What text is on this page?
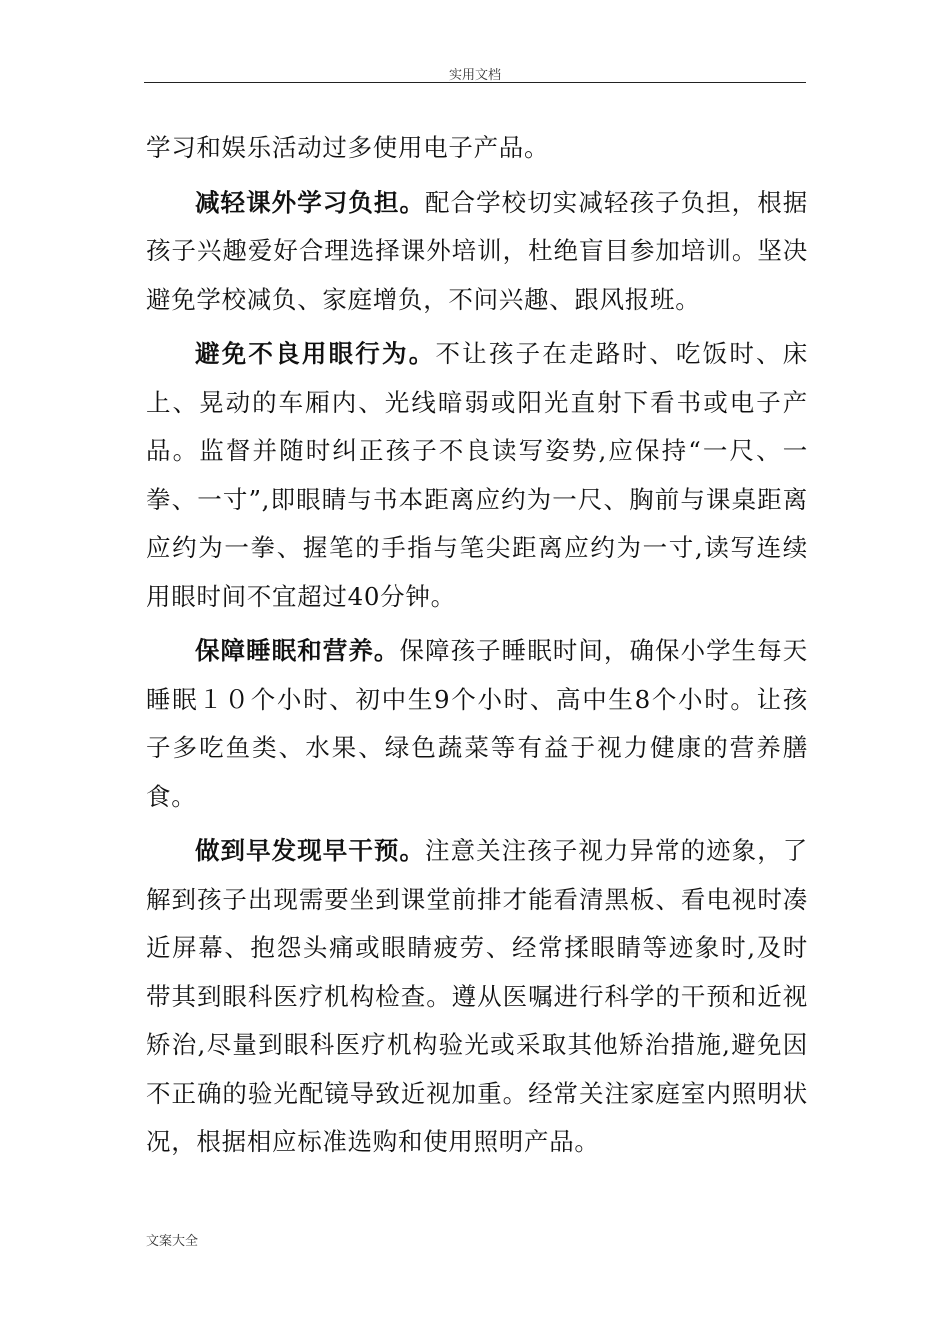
实用文档

学习和娱乐活动过多使用电子产品。

减轻课外学习负担。配合学校切实减轻孩子负担，根据孩子兴趣爱好合理选择课外培训，杜绝盲目参加培训。坚决避免学校减负、家庭增负，不问兴趣、跟风报班。

避免不良用眼行为。不让孩子在走路时、吃饭时、床上、晃动的车厢内、光线暗弱或阳光直射下看书或电子产品。监督并随时纠正孩子不良读写姿势,应保持“一尺、一拳、一寸”,即眼睛与书本距离应约为一尺、胸前与课桌距离应约为一拳、握笔的手指与笔尖距离应约为一寸,读写连续用眼时间不宜超过40分钟。

保障睡眠和营养。保障孩子睡眠时间，确保小学生每天睡眠１０个小时、初中生9个小时、高中生8个小时。让孩子多吃鱼类、水果、绿色蔬菜等有益于视力健康的营养膳食。

做到早发现早干预。注意关注孩子视力异常的迹象，了解到孩子出现需要坐到课堂前排才能看清黑板、看电视时凑近屏幕、抱怨头痛或眼睛疲劳、经常揉眼睛等迹象时,及时带其到眼科医疗机构检查。遵从医嘱进行科学的干预和近视矫治,尽量到眼科医疗机构验光或采取其他矫治措施,避免因不正确的验光配镜导致近视加重。经常关注家庭室内照明状况，根据相应标准选购和使用照明产品。

文案大全
